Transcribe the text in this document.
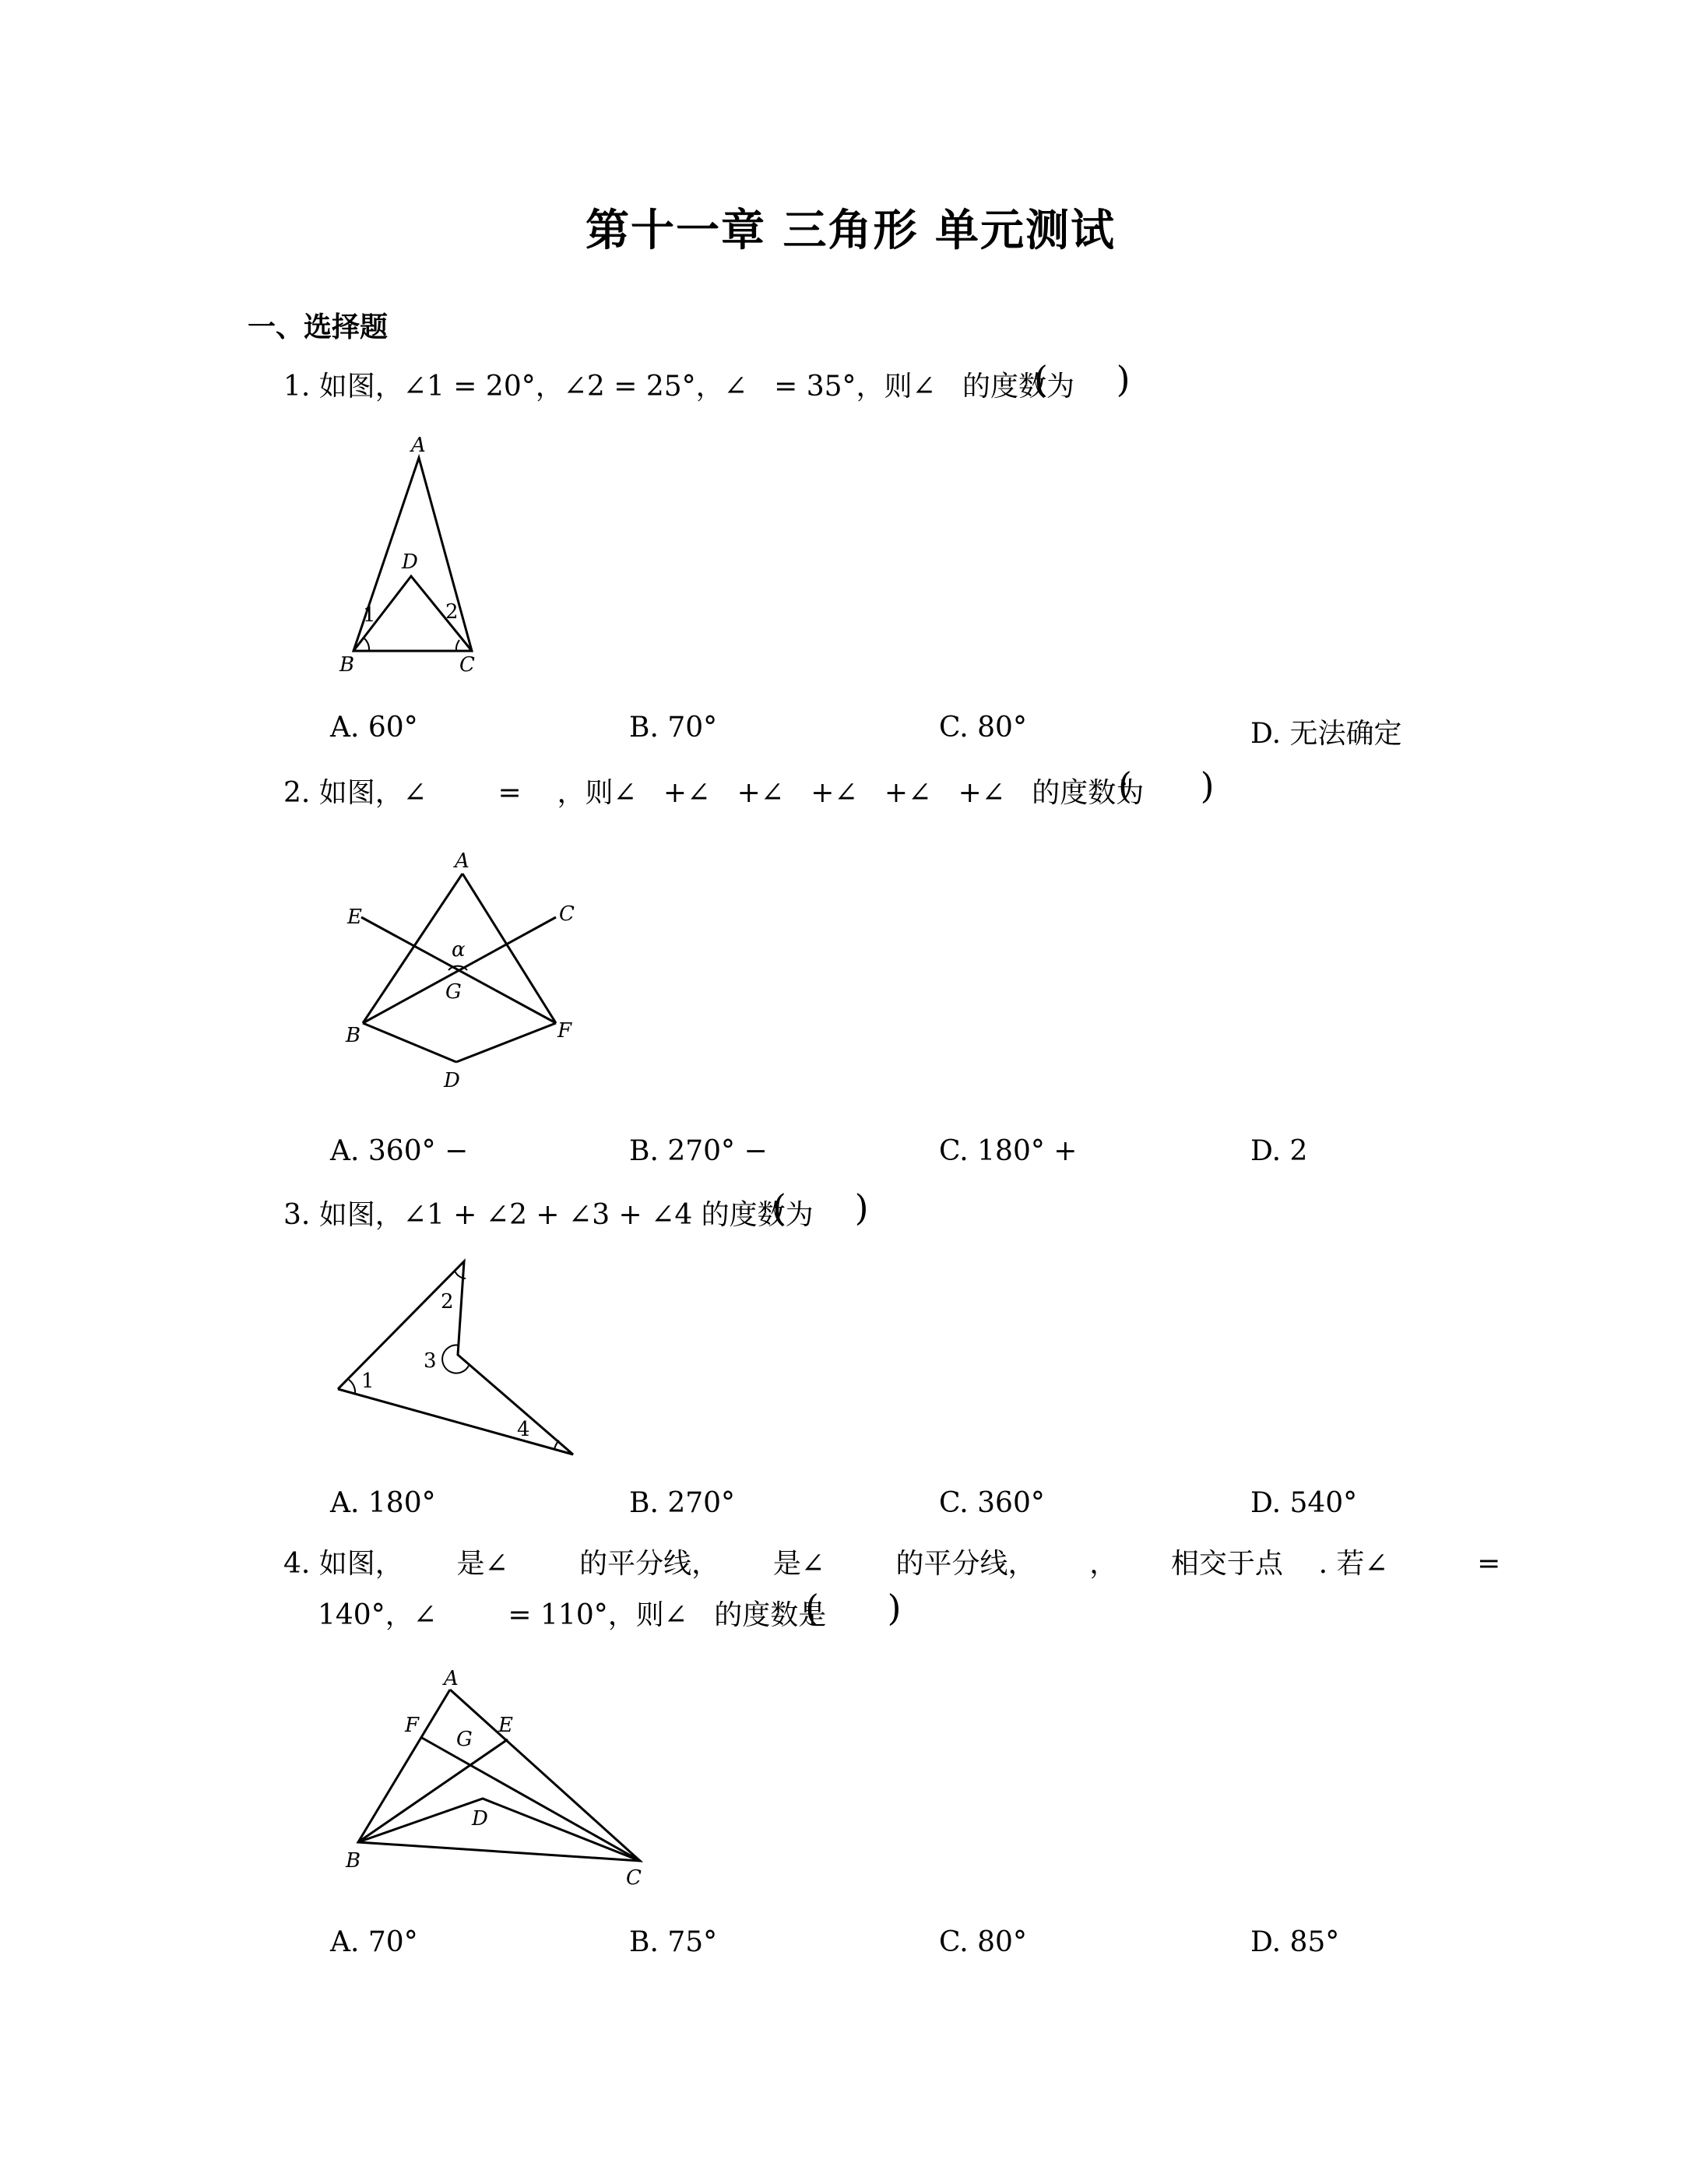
第十一章 三角形 单元测试
一、选择题
1. 如图，∠1 = 20°，∠2 = 25°，∠   = 35°，则∠   的度数为
(      )
A
D
B	C
1	2
A. 60°	B. 70°	C. 80°	D. 无法确定
2. 如图，∠        =    ，则∠   +∠   +∠   +∠   +∠   +∠   的度数为
(      )
A
E	C
α
G
B	F
D
A. 360° −	B. 270° −	C. 180° +	D. 2
3. 如图，∠1 + ∠2 + ∠3 + ∠4 的度数为
(      )
2
3
1
4
A. 180°	B. 270°	C. 360°	D. 540°
4. 如图，      是∠        的平分线，      是∠        的平分线，      ，      相交于点    . 若∠          =
140°，∠        = 110°，则∠   的度数是
(      )
A
F
G
E
D
B
C
A. 70°	B. 75°	C. 80°	D. 85°
